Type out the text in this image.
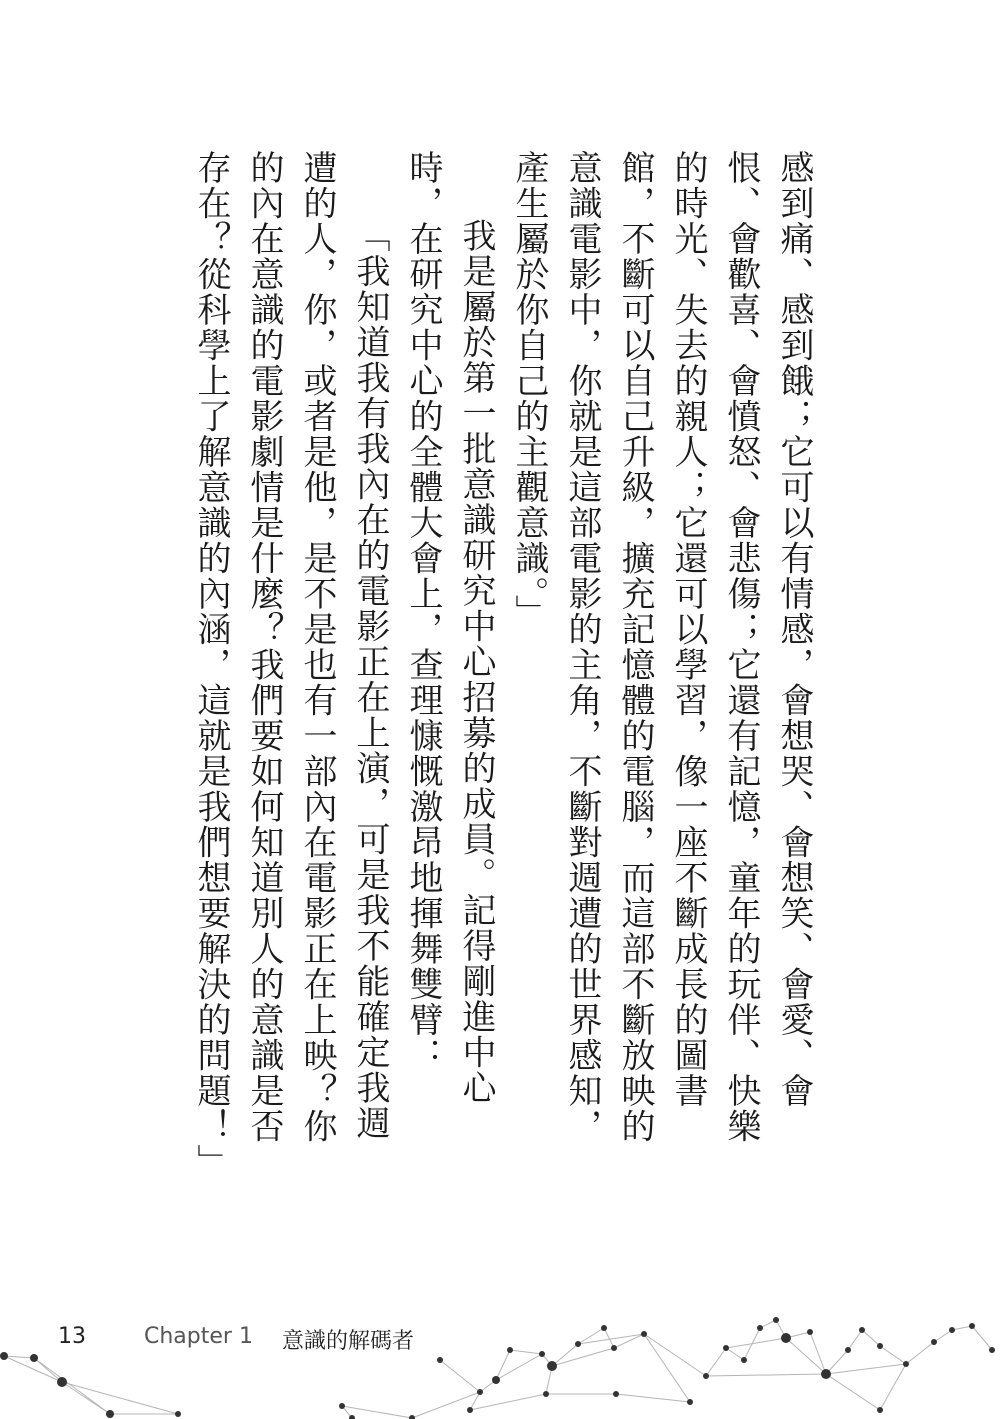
感到痛、感到餓；它可以有情感，會想哭、會想笑、會愛、會恨、會歡喜、會憤怒、會悲傷；它還有記憶，童年的玩伴、快樂的時光、失去的親人；它還可以學習，像一座不斷成長的圖書館，不斷可以自己升級，擴充記憶體的電腦，而這部不斷放映的意識電影中，你就是這部電影的主角，不斷對週遭的世界感知，產生屬於你自己的主觀意識。」

我是屬於第一批意識研究中心招募的成員。記得剛進中心時，在研究中心的全體大會上，查理慷慨激昂地揮舞雙臂：

「我知道我有我內在的電影正在上演，可是我不能確定我週遭的人，你，或者是他，是不是也有一部內在電影正在上映？你的內在意識的電影劇情是什麼？我們要如何知道別人的意識是否存在？從科學上了解意識的內涵，這就是我們想要解決的問題！」

13	Chapter 1 意識的解碼者
